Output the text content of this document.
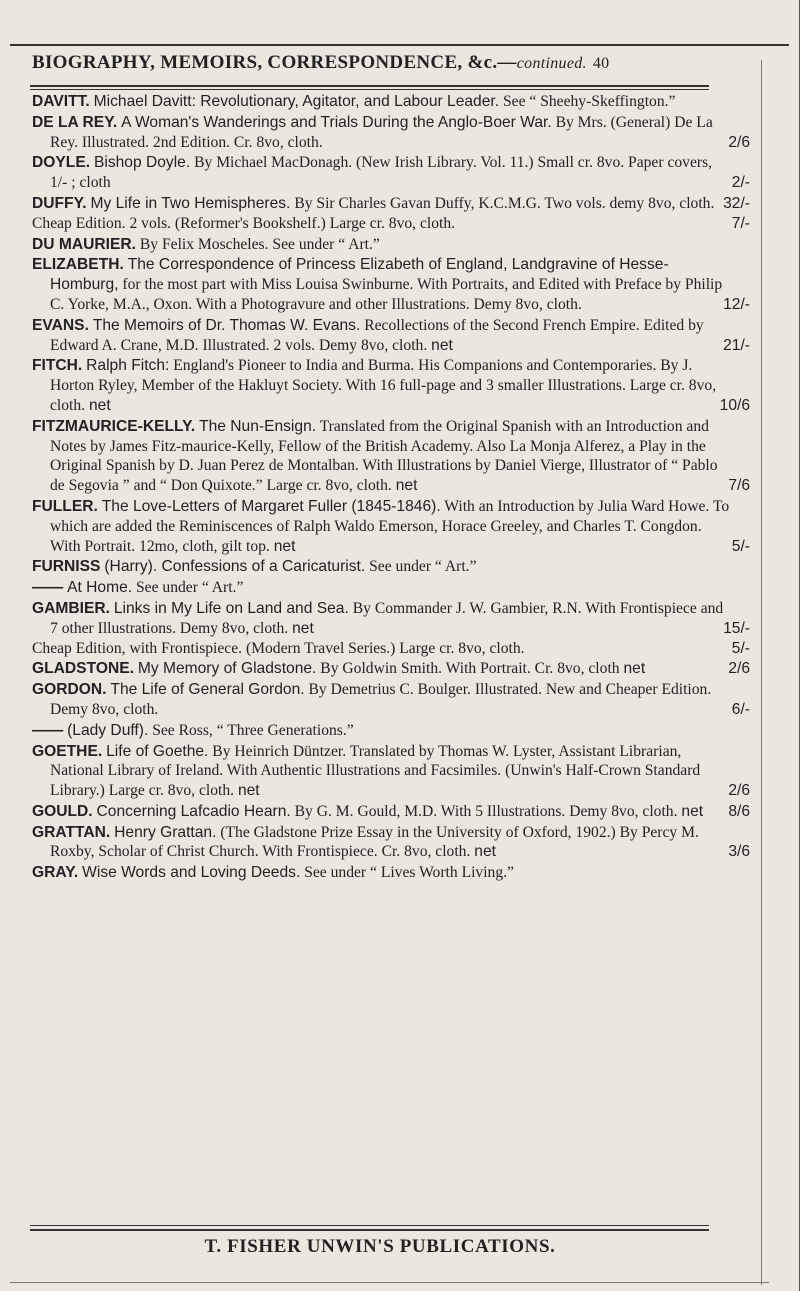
BIOGRAPHY, MEMOIRS, CORRESPONDENCE, &c.—continued. 40
DAVITT. Michael Davitt: Revolutionary, Agitator, and Labour Leader. See “ Sheehy-Skeffington.”
DE LA REY. A Woman's Wanderings and Trials During the Anglo-Boer War. By Mrs. (General) De La Rey. Illustrated. 2nd Edition. Cr. 8vo, cloth.	2/6
DOYLE. Bishop Doyle. By Michael MacDonagh. (New Irish Library. Vol. 11.) Small cr. 8vo. Paper covers, 1/- ; cloth	2/-
DUFFY. My Life in Two Hemispheres. By Sir Charles Gavan Duffy, K.C.M.G. Two vols. demy 8vo, cloth. 32/-
Cheap Edition. 2 vols. (Reformer's Bookshelf.) Large cr. 8vo, cloth.	7/-
DU MAURIER. By Felix Moscheles. See under “ Art.”
ELIZABETH. The Correspondence of Princess Elizabeth of England, Landgravine of Hesse-Homburg, for the most part with Miss Louisa Swinburne. With Portraits, and Edited with Preface by Philip C. Yorke, M.A., Oxon. With a Photogravure and other Illustrations. Demy 8vo, cloth.	12/-
EVANS. The Memoirs of Dr. Thomas W. Evans. Recollections of the Second French Empire. Edited by Edward A. Crane, M.D. Illustrated. 2 vols. Demy 8vo, cloth. net	21/-
FITCH. Ralph Fitch: England's Pioneer to India and Burma. His Companions and Contemporaries. By J. Horton Ryley, Member of the Hakluyt Society. With 16 full-page and 3 smaller Illustrations. Large cr. 8vo, cloth. net	10/6
FITZMAURICE-KELLY. The Nun-Ensign. Translated from the Original Spanish with an Introduction and Notes by James Fitz-maurice-Kelly, Fellow of the British Academy. Also La Monja Alferez, a Play in the Original Spanish by D. Juan Perez de Montalban. With Illustrations by Daniel Vierge, Illustrator of “ Pablo de Segovia ” and “ Don Quixote.” Large cr. 8vo, cloth. net	7/6
FULLER. The Love-Letters of Margaret Fuller (1845-1846). With an Introduction by Julia Ward Howe. To which are added the Reminiscences of Ralph Waldo Emerson, Horace Greeley, and Charles T. Congdon. With Portrait. 12mo, cloth, gilt top. net	5/-
FURNISS (Harry). Confessions of a Caricaturist. See under “ Art.”
—— At Home. See under “ Art.”
GAMBIER. Links in My Life on Land and Sea. By Commander J. W. Gambier, R.N. With Frontispiece and 7 other Illustrations. Demy 8vo, cloth. net	15/-
Cheap Edition, with Frontispiece. (Modern Travel Series.) Large cr. 8vo, cloth.	5/-
GLADSTONE. My Memory of Gladstone. By Goldwin Smith. With Portrait. Cr. 8vo, cloth net	2/6
GORDON. The Life of General Gordon. By Demetrius C. Boulger. Illustrated. New and Cheaper Edition. Demy 8vo, cloth.	6/-
—— (Lady Duff). See Ross, “ Three Generations.”
GOETHE. Life of Goethe. By Heinrich Düntzer. Translated by Thomas W. Lyster, Assistant Librarian, National Library of Ireland. With Authentic Illustrations and Facsimiles. (Unwin's Half-Crown Standard Library.) Large cr. 8vo, cloth. net	2/6
GOULD. Concerning Lafcadio Hearn. By G. M. Gould, M.D. With 5 Illustrations. Demy 8vo, cloth. net 8/6
GRATTAN. Henry Grattan. (The Gladstone Prize Essay in the University of Oxford, 1902.) By Percy M. Roxby, Scholar of Christ Church. With Frontispiece. Cr. 8vo, cloth. net	3/6
GRAY. Wise Words and Loving Deeds. See under “ Lives Worth Living.”
T. FISHER UNWIN'S PUBLICATIONS.
